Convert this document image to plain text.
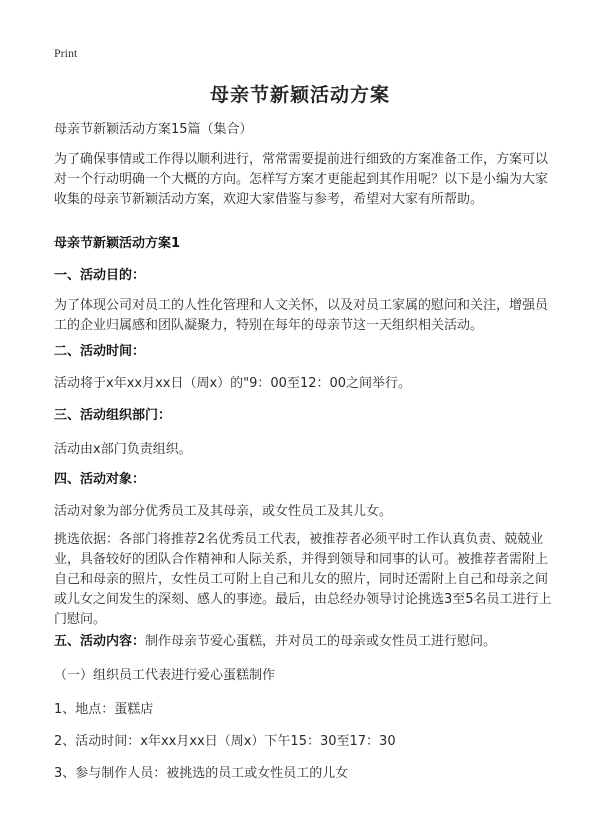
Print
母亲节新颖活动方案

母亲节新颖活动方案15篇（集合）

为了确保事情或工作得以顺利进行，常常需要提前进行细致的方案准备工作，方案可以对一个行动明确一个大概的方向。怎样写方案才更能起到其作用呢？以下是小编为大家收集的母亲节新颖活动方案，欢迎大家借鉴与参考，希望对大家有所帮助。

母亲节新颖活动方案1

一、活动目的：

为了体现公司对员工的人性化管理和人文关怀，以及对员工家属的慰问和关注，增强员工的企业归属感和团队凝聚力，特别在每年的母亲节这一天组织相关活动。

二、活动时间：

活动将于x年xx月xx日（周x）的"9：00至12：00之间举行。

三、活动组织部门：

活动由x部门负责组织。

四、活动对象：

活动对象为部分优秀员工及其母亲，或女性员工及其儿女。

挑选依据：各部门将推荐2名优秀员工代表，被推荐者必须平时工作认真负责、兢兢业业，具备较好的团队合作精神和人际关系，并得到领导和同事的认可。被推荐者需附上自己和母亲的照片，女性员工可附上自己和儿女的照片，同时还需附上自己和母亲之间或儿女之间发生的深刻、感人的事迹。最后，由总经办领导讨论挑选3至5名员工进行上门慰问。

五、活动内容：制作母亲节爱心蛋糕，并对员工的母亲或女性员工进行慰问。

（一）组织员工代表进行爱心蛋糕制作

1、地点：蛋糕店

2、活动时间：x年xx月xx日（周x）下午15：30至17：30

3、参与制作人员：被挑选的员工或女性员工的儿女
